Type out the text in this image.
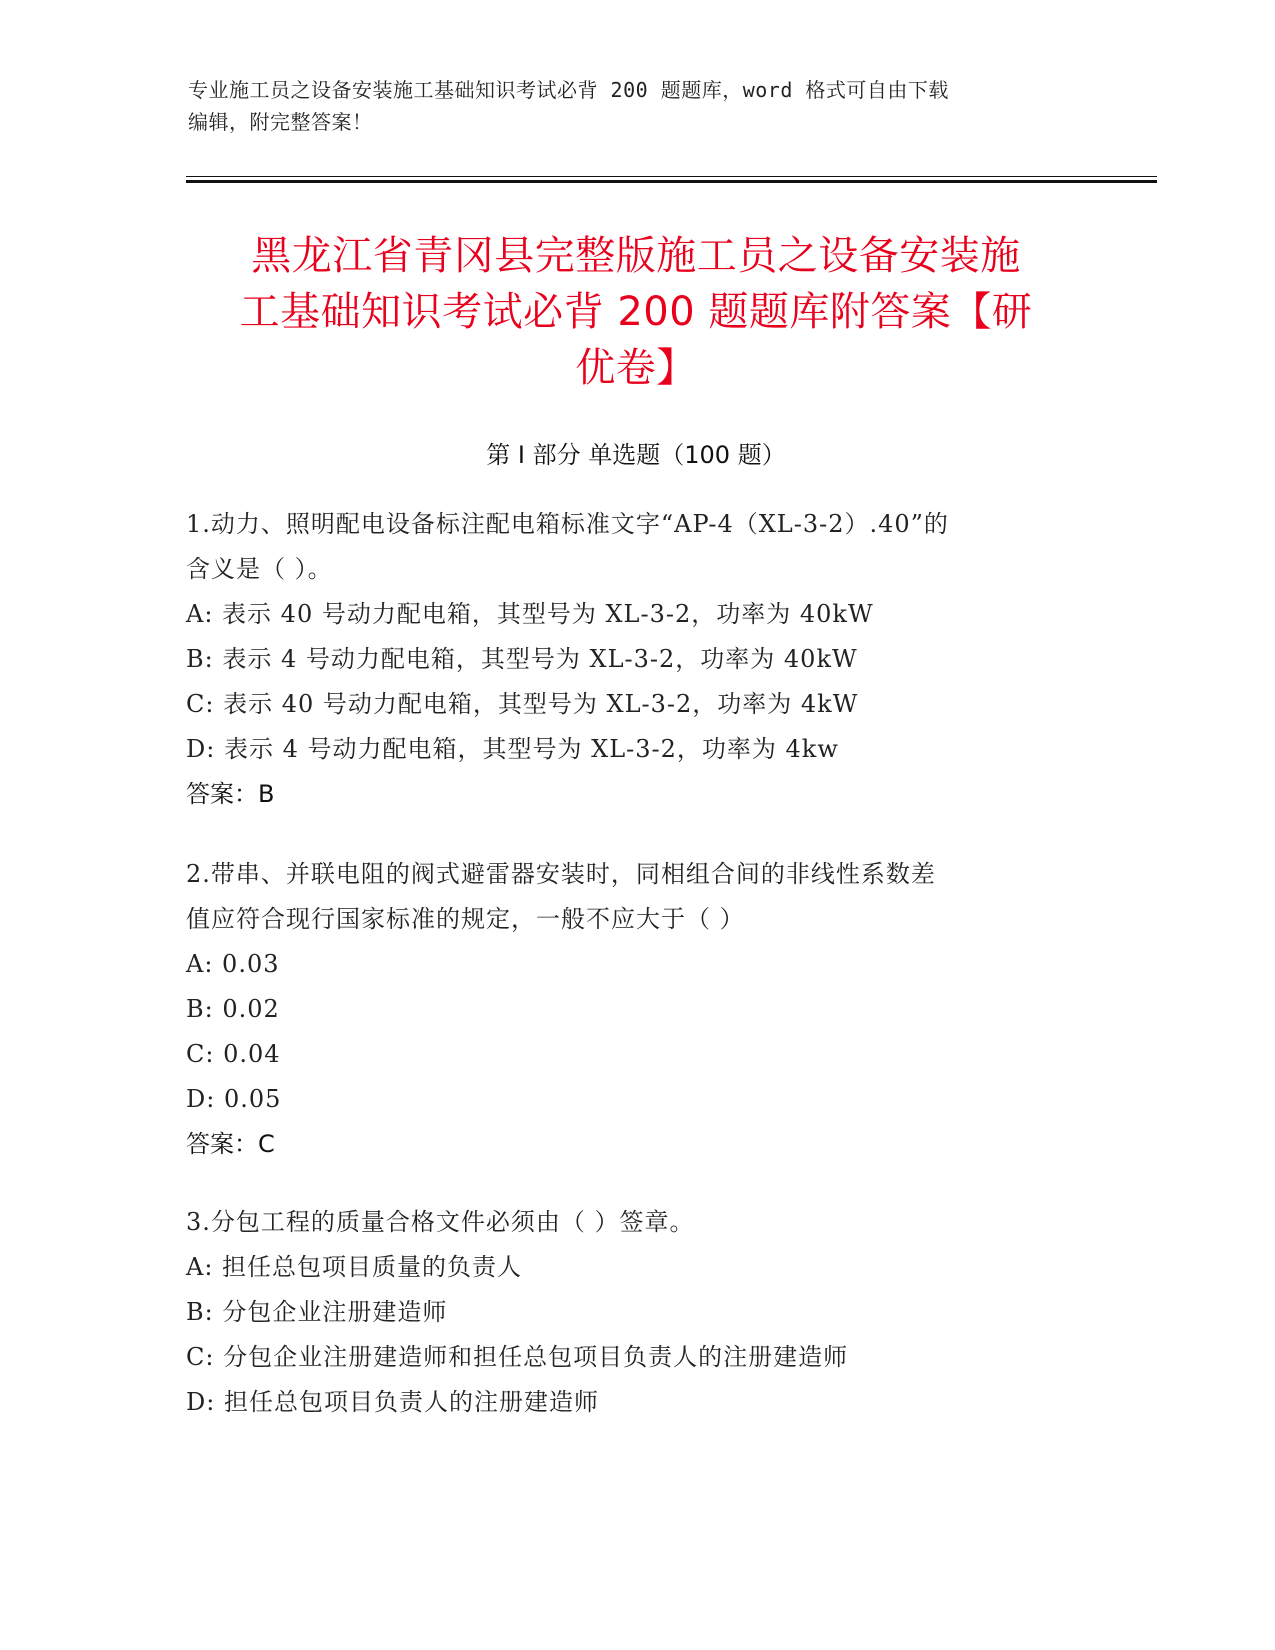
专业施工员之设备安装施工基础知识考试必背 200 题题库，word 格式可自由下载
编辑，附完整答案！
黑龙江省青冈县完整版施工员之设备安装施
工基础知识考试必背 200 题题库附答案【研
优卷】
第 I 部分 单选题（100 题）
1.动力、照明配电设备标注配电箱标准文字“AP-4（XL-3-2）.40”的
含义是（ ）。
A: 表示 40 号动力配电箱，其型号为 XL-3-2，功率为 40kW
B: 表示 4 号动力配电箱，其型号为 XL-3-2，功率为 40kW
C: 表示 40 号动力配电箱，其型号为 XL-3-2，功率为 4kW
D: 表示 4 号动力配电箱，其型号为 XL-3-2，功率为 4kw
答案：B
2.带串、并联电阻的阀式避雷器安装时，同相组合间的非线性系数差
值应符合现行国家标准的规定，一般不应大于（ ）
A: 0.03
B: 0.02
C: 0.04
D: 0.05
答案：C
3.分包工程的质量合格文件必须由（ ）签章。
A: 担任总包项目质量的负责人
B: 分包企业注册建造师
C: 分包企业注册建造师和担任总包项目负责人的注册建造师
D: 担任总包项目负责人的注册建造师
